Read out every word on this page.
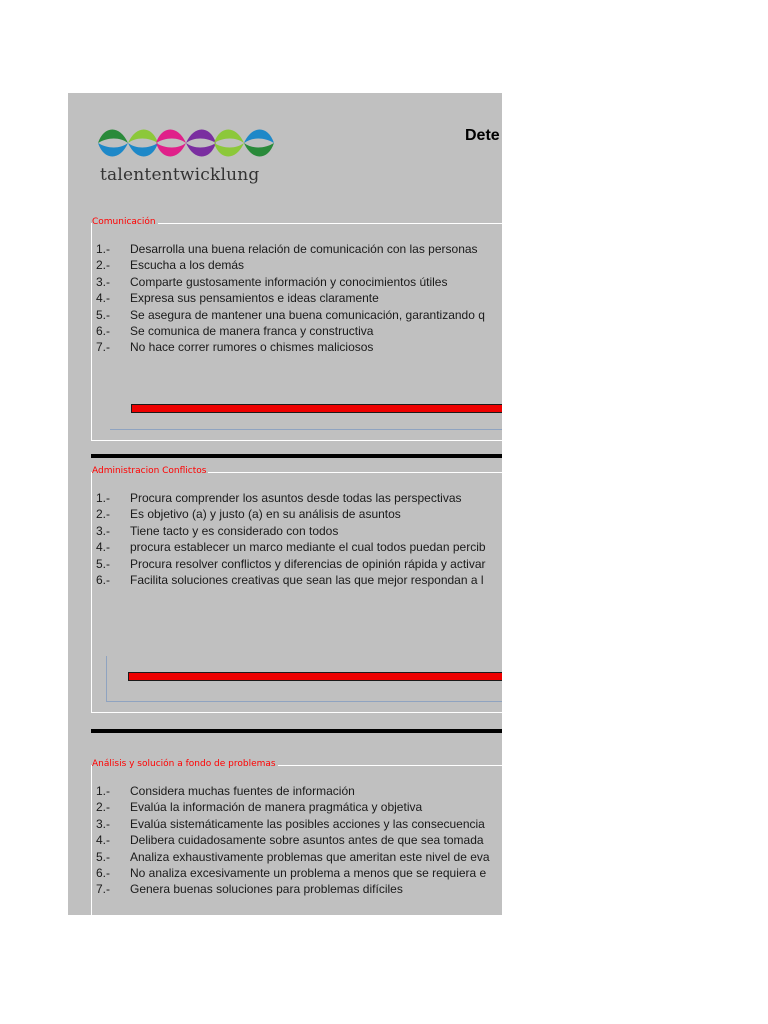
talententwicklung
Dete
Comunicación
1.-	Desarrolla una buena relación de comunicación con las personas
2.-	Escucha a los demás
3.-	Comparte gustosamente información y conocimientos útiles
4.-	Expresa sus pensamientos e ideas claramente
5.-	Se asegura de mantener una buena comunicación, garantizando q
6.-	Se comunica de manera franca y constructiva
7.-	No hace correr rumores o chismes maliciosos
Administracion Conflictos
1.-	Procura comprender los asuntos desde todas las perspectivas
2.-	Es objetivo (a) y justo (a) en su análisis de asuntos
3.-	Tiene tacto y es considerado con todos
4.-	procura establecer un marco mediante el cual todos puedan percib
5.-	Procura resolver conflictos y diferencias de opinión rápida y activar
6.-	Facilita soluciones creativas que sean las que mejor respondan a l
Análisis y solución a fondo de problemas
1.-	Considera muchas fuentes de información
2.-	Evalúa la información de manera pragmática y objetiva
3.-	Evalúa sistemáticamente las posibles acciones y las consecuencia
4.-	Delibera cuidadosamente sobre asuntos antes de que sea tomada
5.-	Analiza exhaustivamente problemas que ameritan este nivel de eva
6.-	No analiza excesivamente un problema a menos que se requiera e
7.-	Genera buenas soluciones para problemas difíciles
